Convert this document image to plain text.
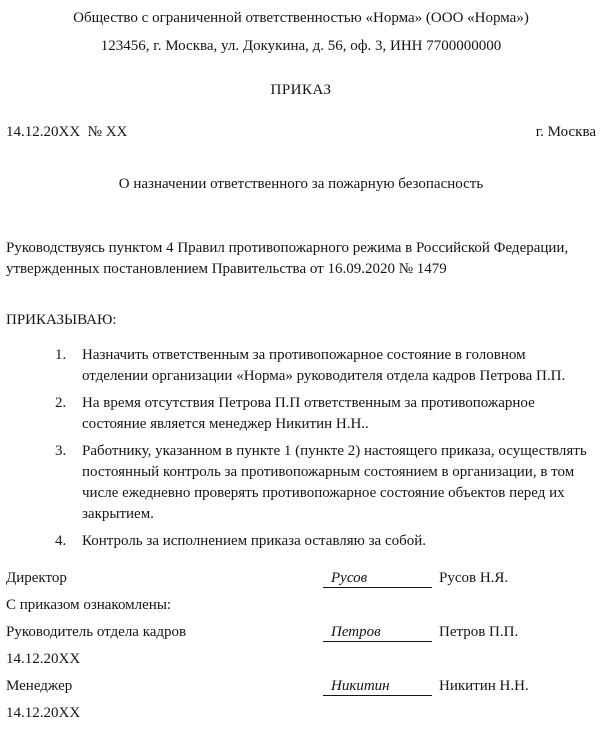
Общество с ограниченной ответственностью «Норма» (ООО «Норма»)
123456, г. Москва, ул. Докукина, д. 56, оф. 3, ИНН 7700000000
ПРИКАЗ
14.12.20XX  № XX	г. Москва
О назначении ответственного за пожарную безопасность

Руководствуясь пунктом 4 Правил противопожарного режима в Российской Федерации, утвержденных постановлением Правительства от 16.09.2020 № 1479

ПРИКАЗЫВАЮ:
1.	Назначить ответственным за противопожарное состояние в головном отделении организации «Норма» руководителя отдела кадров Петрова П.П.
2.	На время отсутствия Петрова П.П ответственным за противопожарное состояние является менеджер Никитин Н.Н..
3.	Работнику, указанном в пункте 1 (пункте 2) настоящего приказа, осуществлять постоянный контроль за противопожарным состоянием в организации, в том числе ежедневно проверять противопожарное состояние объектов перед их закрытием.
4.	Контроль за исполнением приказа оставляю за собой.
Директор	Русов	Русов Н.Я.
С приказом ознакомлены:
Руководитель отдела кадров	Петров	Петров П.П.
14.12.20XX
Менеджер	Никитин	Никитин Н.Н.
14.12.20XX
